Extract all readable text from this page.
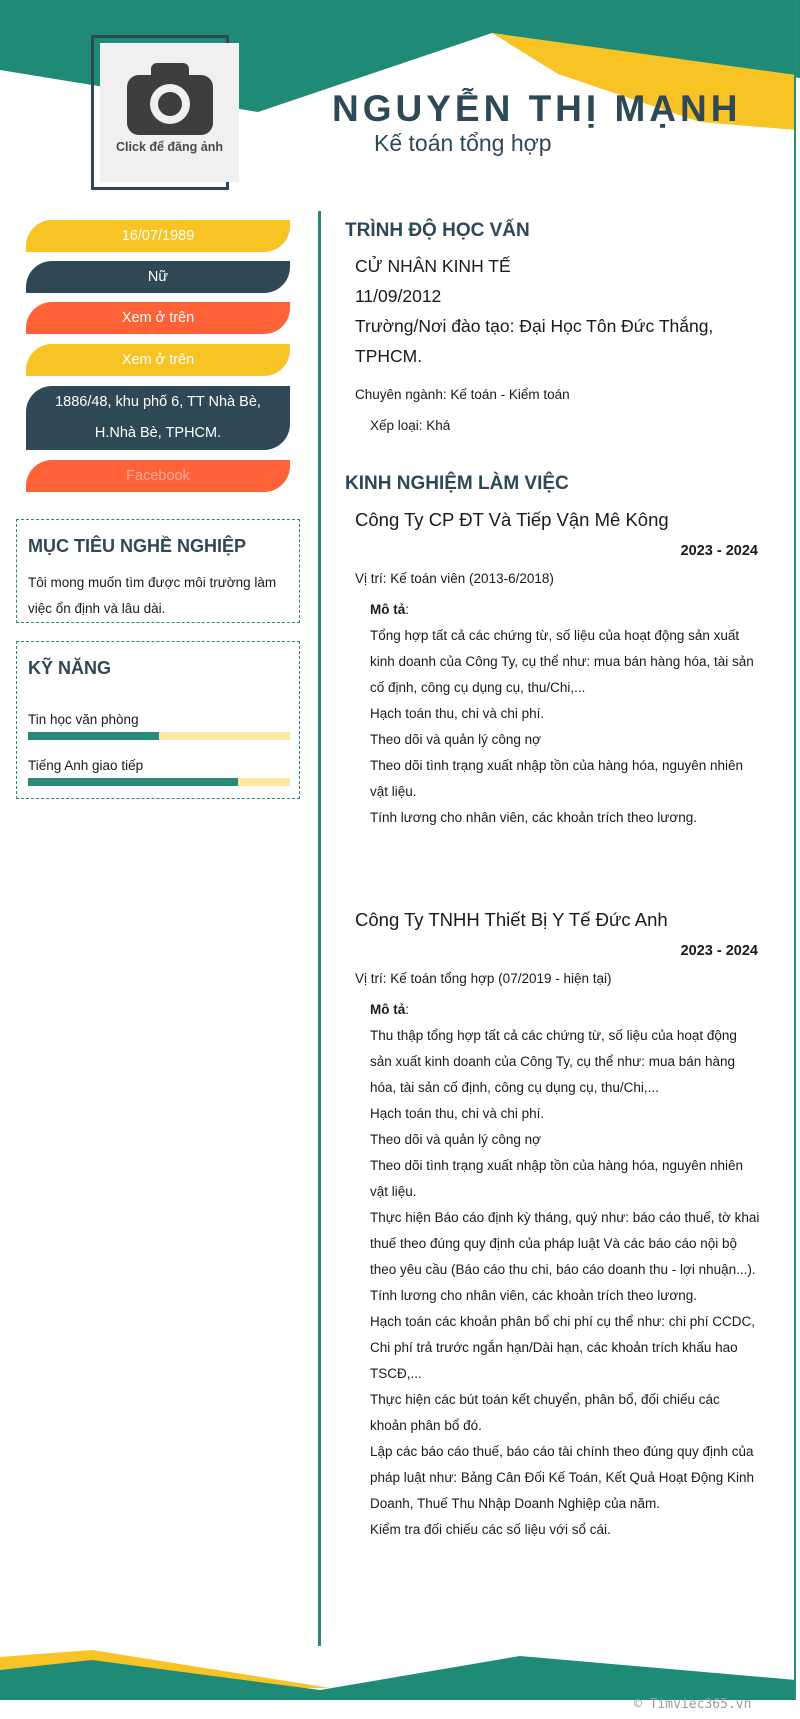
Click để đăng ảnh
NGUYỄN THỊ MẠNH
Kế toán tổng hợp
16/07/1989
Nữ
Xem ở trên
Xem ở trên
1886/48, khu phố 6, TT Nhà Bè,
H.Nhà Bè, TPHCM.
Facebook
MỤC TIÊU NGHỀ NGHIỆP
Tôi mong muốn tìm được môi trường làm việc ổn định và lâu dài.
KỸ NĂNG
Tin học văn phòng
Tiếng Anh giao tiếp
TRÌNH ĐỘ HỌC VẤN
CỬ NHÂN KINH TẾ
11/09/2012
Trường/Nơi đào tạo: Đại Học Tôn Đức Thắng,
TPHCM.
Chuyên ngành: Kế toán - Kiểm toán
Xếp loại: Khá
KINH NGHIỆM LÀM VIỆC
Công Ty CP ĐT Và Tiếp Vận Mê Kông
2023 - 2024
Vị trí: Kế toán viên (2013-6/2018)
Mô tả:

Tổng hợp tất cả các chứng từ, số liệu của hoạt động sản xuất kinh doanh của Công Ty, cụ thể như: mua bán hàng hóa, tài sản cố định, công cụ dụng cụ, thu/Chi,...

Hạch toán thu, chi và chi phí.

Theo dõi và quản lý công nợ

Theo dõi tình trạng xuất nhập tồn của hàng hóa, nguyên nhiên vật liệu.

Tính lương cho nhân viên, các khoản trích theo lương.

Công Ty TNHH Thiết Bị Y Tế Đức Anh
2023 - 2024
Vị trí: Kế toán tổng hợp (07/2019 - hiện tại)
Mô tả:

Thu thập tổng hợp tất cả các chứng từ, số liệu của hoạt động sản xuất kinh doanh của Công Ty, cụ thể như: mua bán hàng hóa, tài sản cố định, công cụ dụng cụ, thu/Chi,...

Hạch toán thu, chi và chi phí.

Theo dõi và quản lý công nợ

Theo dõi tình trạng xuất nhập tồn của hàng hóa, nguyên nhiên vật liệu.

Thực hiện Báo cáo định kỳ tháng, quý như: báo cáo thuế, tờ khai thuế theo đúng quy định của pháp luật Và các báo cáo nội bộ theo yêu cầu (Báo cáo thu chi, báo cáo doanh thu - lợi nhuận...).

Tính lương cho nhân viên, các khoản trích theo lương.

Hạch toán các khoản phân bổ chi phí cụ thể như: chi phí CCDC, Chi phí trả trước ngắn hạn/Dài hạn, các khoản trích khấu hao TSCĐ,...

Thực hiện các bút toán kết chuyển, phân bổ, đối chiếu các khoản phân bổ đó.

Lập các báo cáo thuế, báo cáo tài chính theo đúng quy định của pháp luật như: Bảng Cân Đối Kế Toán, Kết Quả Hoạt Động Kinh Doanh, Thuế Thu Nhập Doanh Nghiệp của năm.

Kiểm tra đối chiếu các số liệu với sổ cái.

© Timviec365.vn
